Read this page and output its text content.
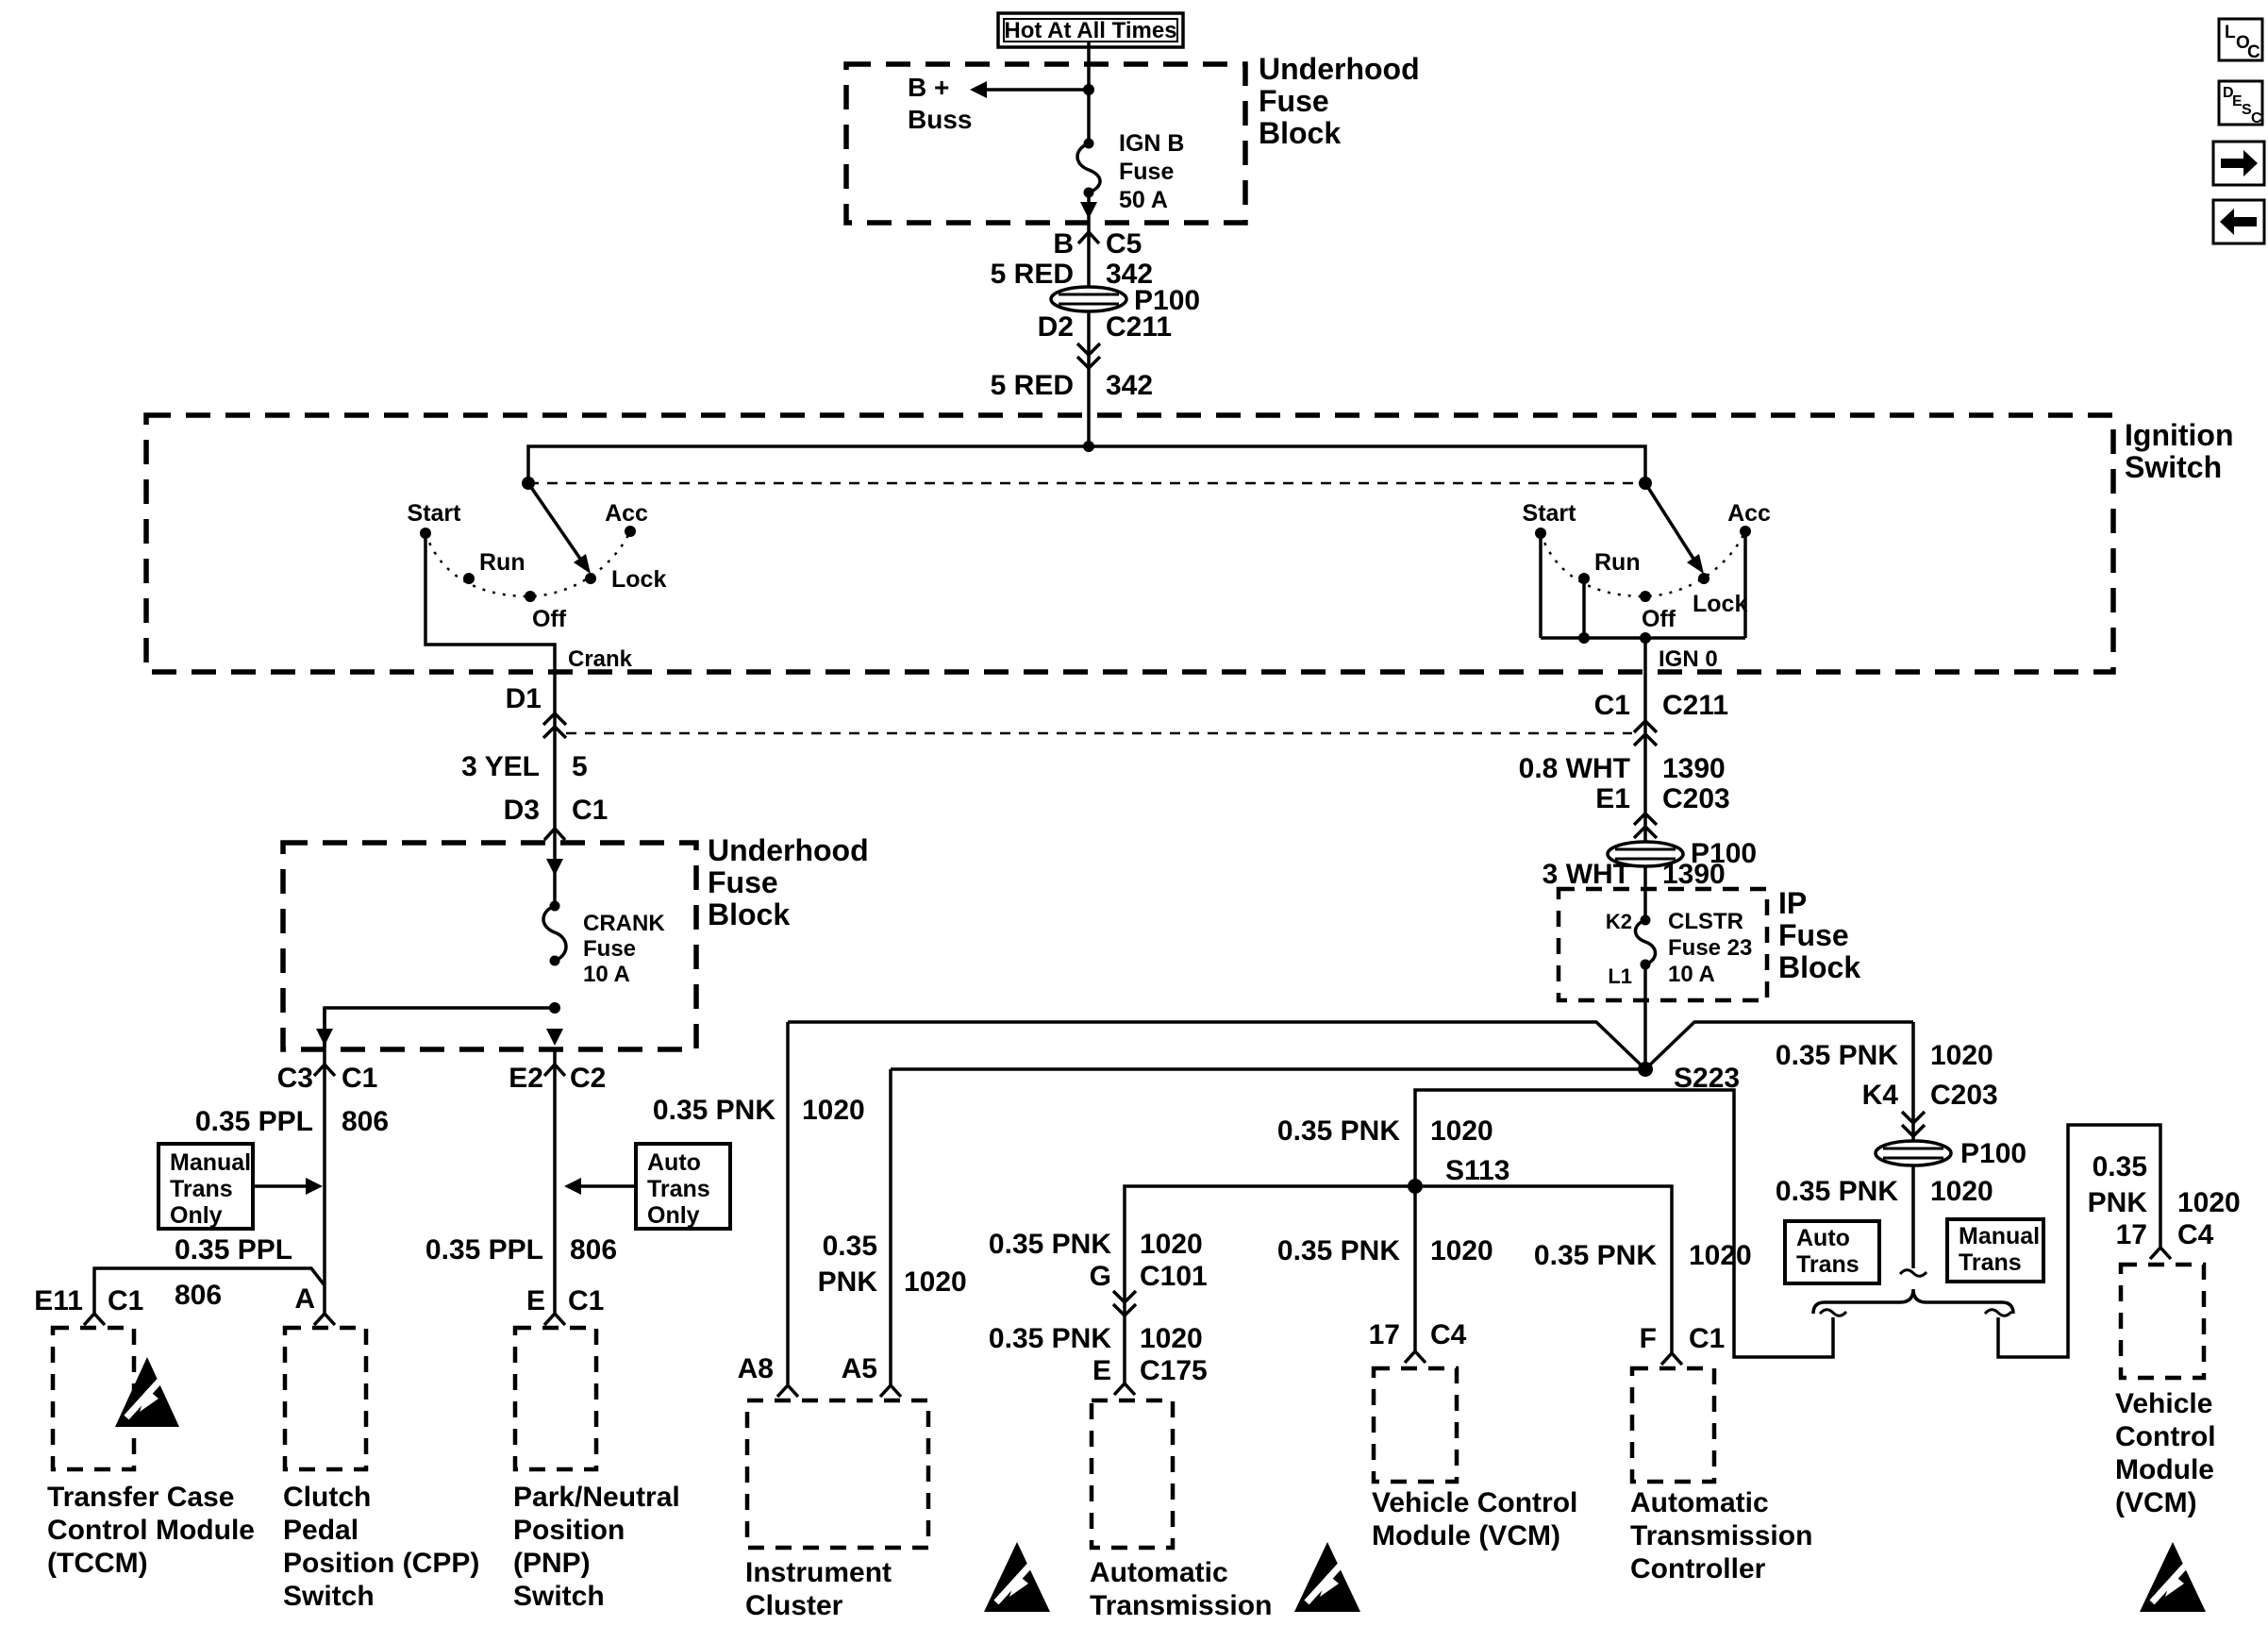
Hot At All Times
Underhood
Fuse
Block
B +
Buss
IGN B
Fuse
50 A
B C5
5 RED 342
P100
D2 C211
5 RED 342
Ignition
Switch
Start
Run
Off
Lock
Acc
Crank
Start
Run
Off
Lock
Acc
IGN 0
D1
3 YEL 5
D3 C1
Underhood
Fuse
Block
CRANK
Fuse
10 A
C3 C1
0.35 PPL 806
Manual
Trans
Only
0.35 PPL
806
E11 C1	A
E2 C2
Auto
Trans
Only
0.35 PPL 806
E C1
C1 C211
0.8 WHT 1390
E1 C203
P100
3 WHT 1390
IP
Fuse
Block
K2
L1
CLSTR
Fuse 23
10 A
S223
0.35 PNK 1020
0.35
PNK 1020
A8 A5
0.35 PNK 1020
S113
0.35 PNK 1020
G C101
0.35 PNK 1020
E C175
0.35 PNK 1020
17 C4
0.35 PNK 1020
F C1
0.35 PNK 1020
K4 C203
P100
0.35 PNK 1020
Auto
Trans
Manual
Trans
0.35
PNK 1020
17 C4
Transfer Case
Control Module
(TCCM)
Clutch
Pedal
Position (CPP)
Switch
Park/Neutral
Position
(PNP)
Switch
Instrument
Cluster
Automatic
Transmission
Vehicle Control
Module (VCM)
Automatic
Transmission
Controller
Vehicle
Control
Module
(VCM)
L
O
C
D
E
S
C
